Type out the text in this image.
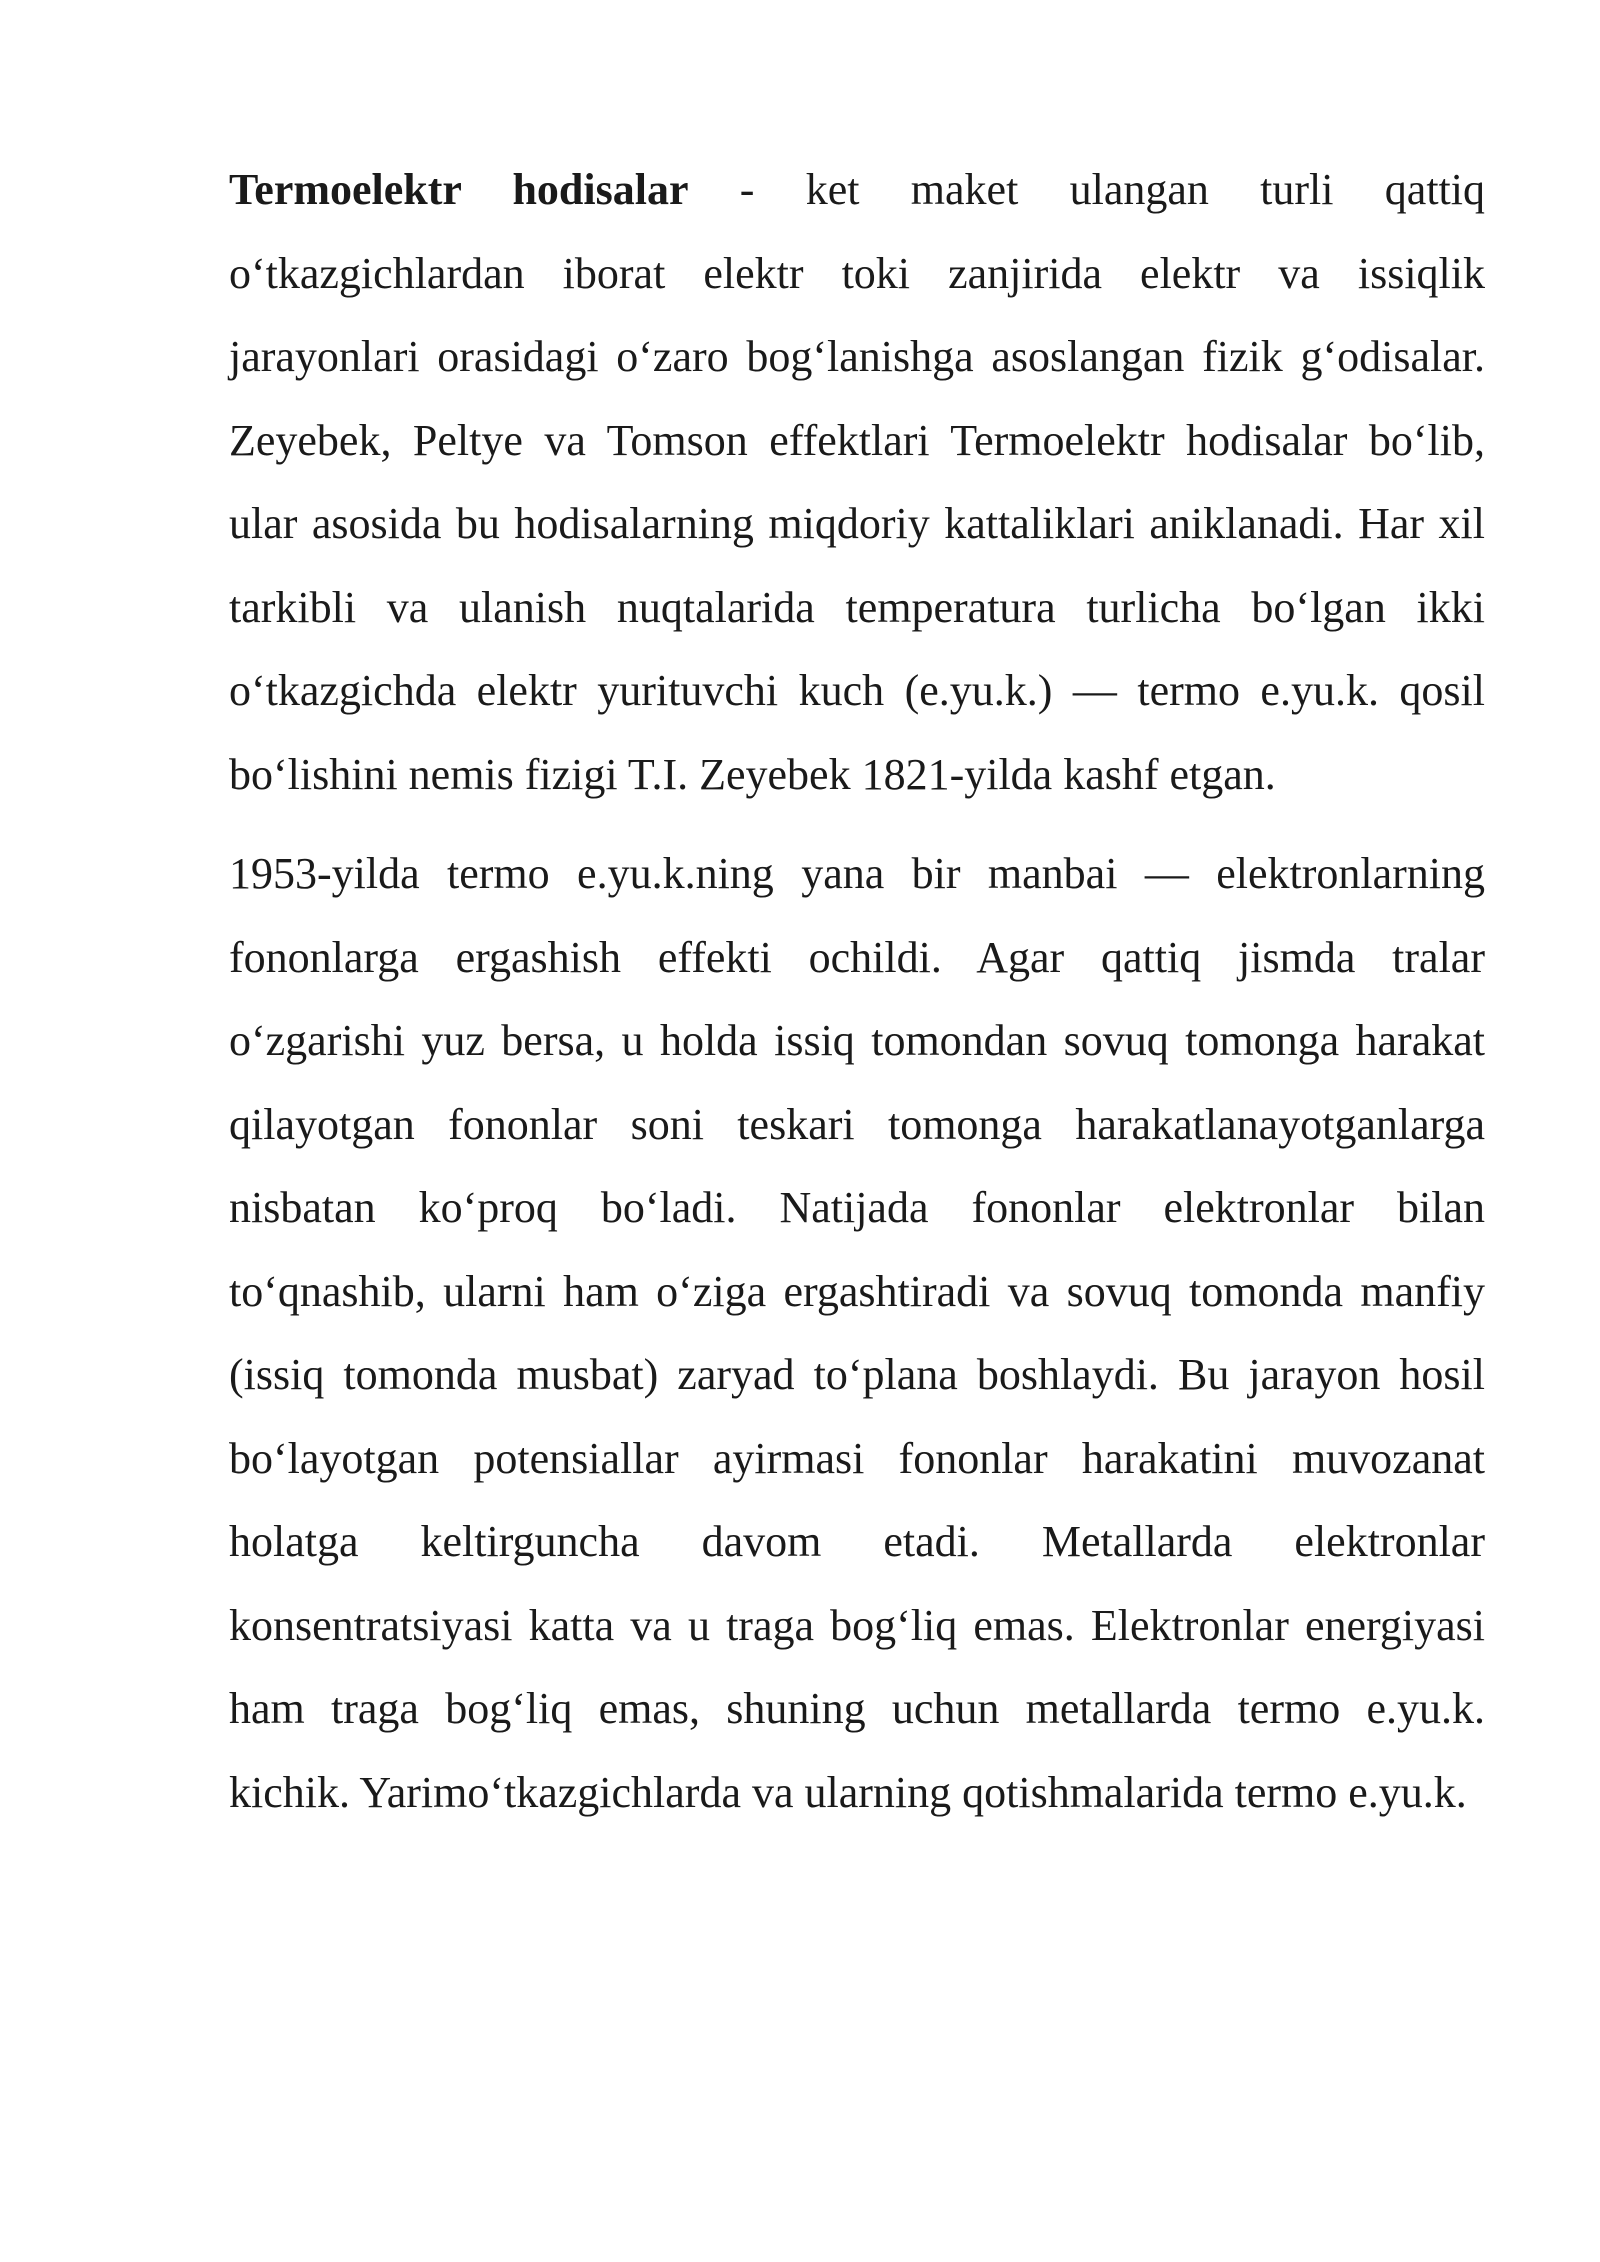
Termoelektr hodisalar - ket maket ulangan turli qattiq o‘tkazgichlardan iborat elektr toki zanjirida elektr va issiqlik jarayonlari orasidagi o‘zaro bog‘lanishga asoslangan fizik g‘odisalar. Zeyebek, Peltye va Tomson effektlari Termoelektr hodisalar bo‘lib, ular asosida bu hodisalarning miqdoriy kattaliklari aniklanadi. Har xil tarkibli va ulanish nuqtalarida temperatura turlicha bo‘lgan ikki o‘tkazgichda elektr yurituvchi kuch (e.yu.k.) — termo e.yu.k. qosil bo‘lishini nemis fizigi T.I. Zeyebek 1821-yilda kashf etgan.

1953-yilda termo e.yu.k.ning yana bir manbai — elektronlarning fononlarga ergashish effekti ochildi. Agar qattiq jismda tralar o‘zgarishi yuz bersa, u holda issiq tomondan sovuq tomonga harakat qilayotgan fononlar soni teskari tomonga harakatlanayotganlarga nisbatan ko‘proq bo‘ladi. Natijada fononlar elektronlar bilan to‘qnashib, ularni ham o‘ziga ergashtiradi va sovuq tomonda manfiy (issiq tomonda musbat) zaryad to‘plana boshlaydi. Bu jarayon hosil bo‘layotgan potensiallar ayirmasi fononlar harakatini muvozanat holatga keltirguncha davom etadi. Metallarda elektronlar konsentratsiyasi katta va u traga bog‘liq emas. Elektronlar energiyasi ham traga bog‘liq emas, shuning uchun metallarda termo e.yu.k. kichik. Yarimo‘tkazgichlarda va ularning qotishmalarida termo e.yu.k.
